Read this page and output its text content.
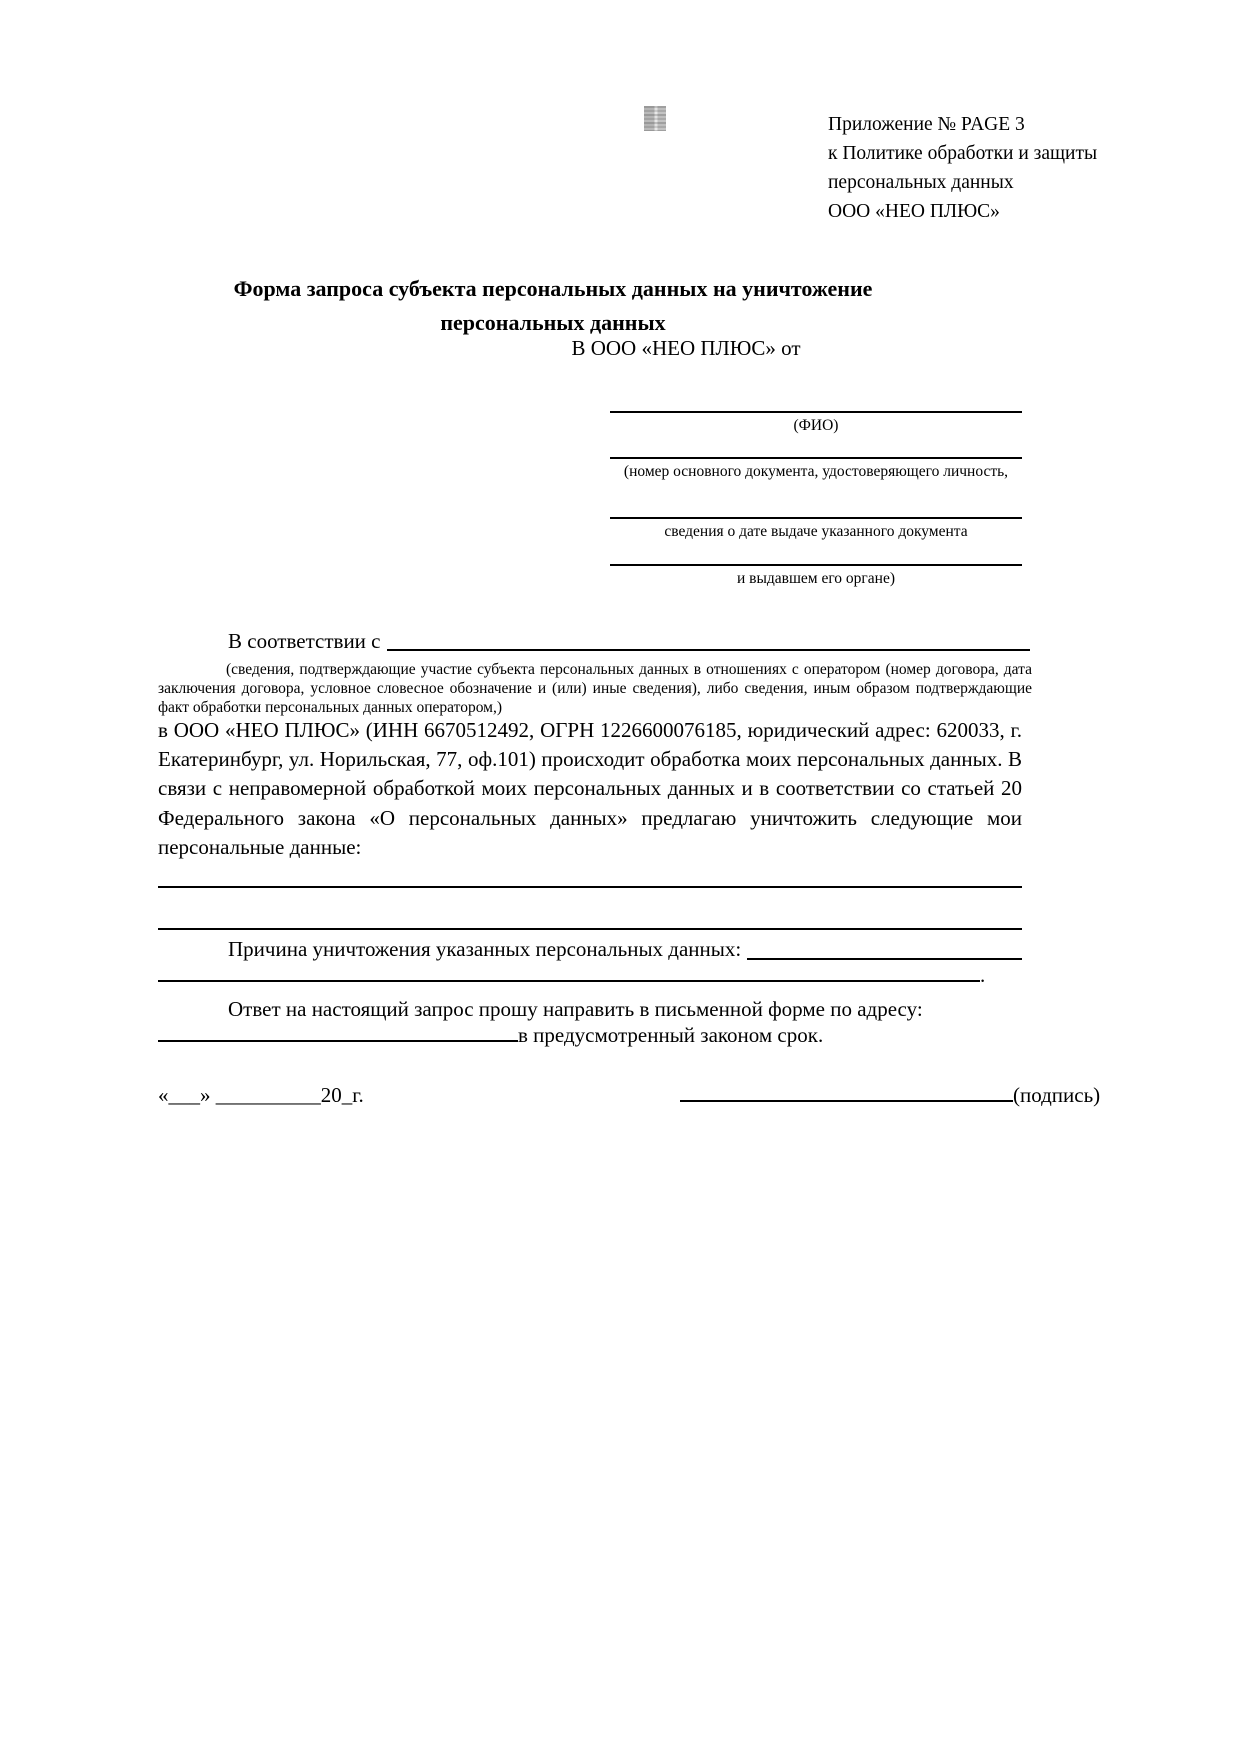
Приложение № PAGE 3
к Политике обработки и защиты
персональных данных
ООО «НЕО ПЛЮС»
Форма запроса субъекта персональных данных на уничтожение
персональных данных
В ООО «НЕО ПЛЮС» от
(ФИО)
(номер основного документа, удостоверяющего личность,
сведения о дате выдаче указанного документа
и выдавшем его органе)
В соответствии с
(сведения, подтверждающие участие субъекта персональных данных в отношениях с оператором (номер договора, дата заключения договора, условное словесное обозначение и (или) иные сведения), либо сведения, иным образом подтверждающие факт обработки персональных данных оператором,)
в ООО «НЕО ПЛЮС» (ИНН 6670512492, ОГРН 1226600076185, юридический адрес: 620033, г. Екатеринбург, ул. Норильская, 77, оф.101) происходит обработка моих персональных данных. В связи с неправомерной обработкой моих персональных данных и в соответствии со статьей 20 Федерального закона «О персональных данных» предлагаю уничтожить следующие мои персональные данные:
Причина уничтожения указанных персональных данных:
.
Ответ на настоящий запрос прошу направить в письменной форме по адресу:
в предусмотренный законом срок.
«___» __________20_г.	(подпись)
